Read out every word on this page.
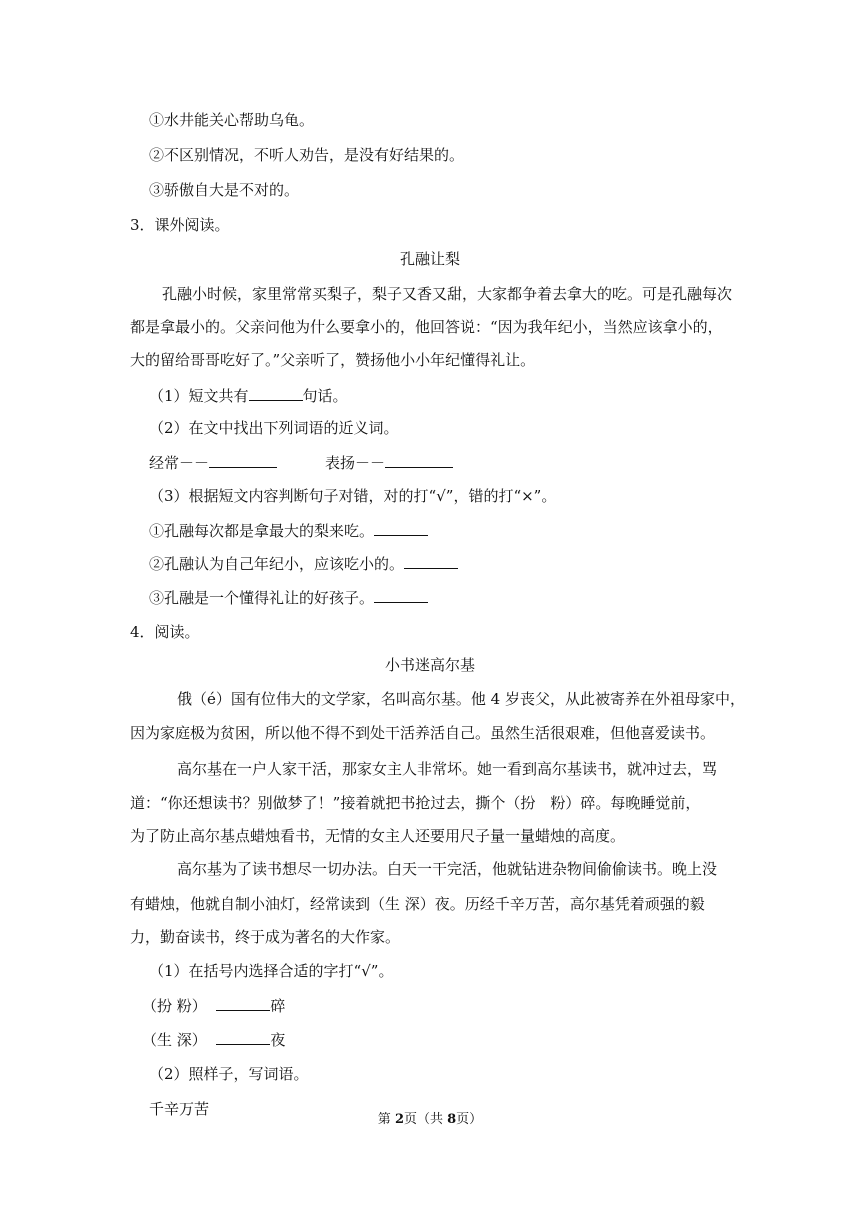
①水井能关心帮助乌龟。
②不区别情况，不听人劝告，是没有好结果的。
③骄傲自大是不对的。
3．课外阅读。
孔融让梨
孔融小时候，家里常常买梨子，梨子又香又甜，大家都争着去拿大的吃。可是孔融每次
都是拿最小的。父亲问他为什么要拿小的，他回答说：“因为我年纪小，当然应该拿小的，
大的留给哥哥吃好了。”父亲听了，赞扬他小小年纪懂得礼让。
（1）短文共有	句话。
（2）在文中找出下列词语的近义词。
经常－－	表扬－－
（3）根据短文内容判断句子对错，对的打“√”，错的打“×”。
①孔融每次都是拿最大的梨来吃。
②孔融认为自己年纪小，应该吃小的。
③孔融是一个懂得礼让的好孩子。
4．阅读。
小书迷高尔基
俄（é）国有位伟大的文学家，名叫高尔基。他 4 岁丧父，从此被寄养在外祖母家中，
因为家庭极为贫困，所以他不得不到处干活养活自己。虽然生活很艰难，但他喜爱读书。
高尔基在一户人家干活，那家女主人非常坏。她一看到高尔基读书，就冲过去，骂
道：“你还想读书？别做梦了！”接着就把书抢过去，撕个（扮　粉）碎。每晚睡觉前，
为了防止高尔基点蜡烛看书，无情的女主人还要用尺子量一量蜡烛的高度。
高尔基为了读书想尽一切办法。白天一干完活，他就钻进杂物间偷偷读书。晚上没
有蜡烛，他就自制小油灯，经常读到（生 深）夜。历经千辛万苦，高尔基凭着顽强的毅
力，勤奋读书，终于成为著名的大作家。
（1）在括号内选择合适的字打“√”。
（扮 粉）	碎
（生 深）	夜
（2）照样子，写词语。
千辛万苦
第 2页（共 8页）
